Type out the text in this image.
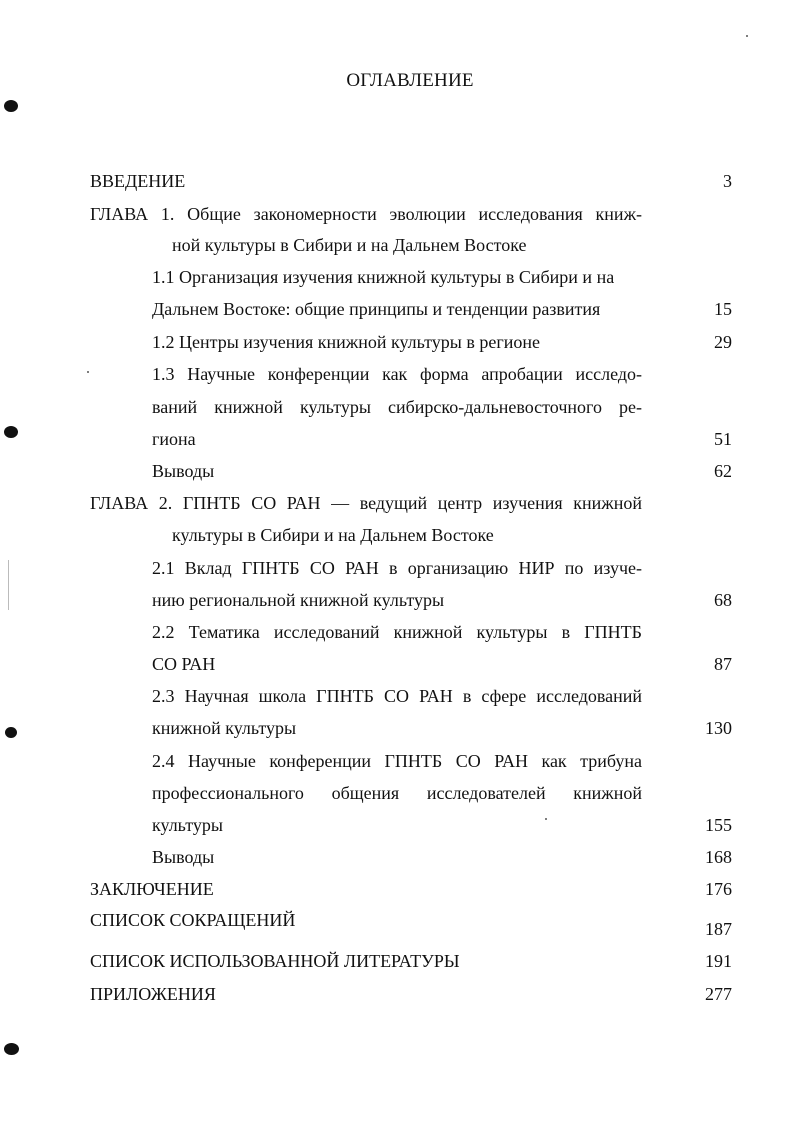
ОГЛАВЛЕНИЕ
ВВЕДЕНИЕ	3
ГЛАВА 1. Общие закономерности эволюции исследования книж-
ной культуры в Сибири и на Дальнем Востоке
1.1 Организация изучения книжной культуры в Сибири и на
Дальнем Востоке: общие принципы и тенденции развития	15
1.2 Центры изучения книжной культуры в регионе	29
1.3 Научные конференции как форма апробации исследо-
ваний книжной культуры сибирско-дальневосточного ре-
гиона	51
Выводы	62
ГЛАВА 2. ГПНТБ СО РАН — ведущий центр изучения книжной
культуры в Сибири и на Дальнем Востоке
2.1 Вклад ГПНТБ СО РАН в организацию НИР по изуче-
нию региональной книжной культуры	68
2.2 Тематика исследований книжной культуры в ГПНТБ
СО РАН	87
2.3 Научная школа ГПНТБ СО РАН в сфере исследований
книжной культуры	130
2.4 Научные конференции ГПНТБ СО РАН как трибуна
профессионального общения исследователей книжной
культуры	155
Выводы	168
ЗАКЛЮЧЕНИЕ	176
СПИСОК СОКРАЩЕНИЙ	187
СПИСОК ИСПОЛЬЗОВАННОЙ ЛИТЕРАТУРЫ	191
ПРИЛОЖЕНИЯ	277
